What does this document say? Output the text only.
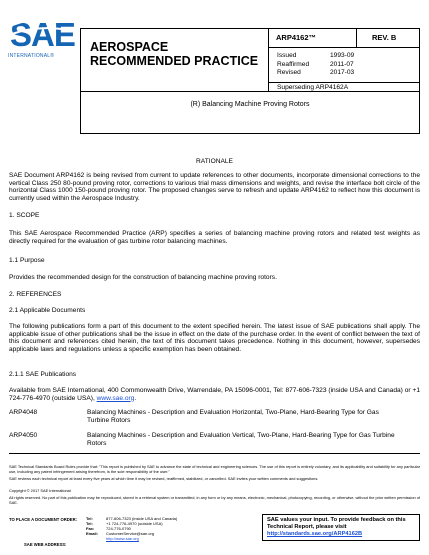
SAE
INTERNATIONAL®
AEROSPACE
RECOMMENDED PRACTICE
ARP4162™	REV. B
Issued	1993-09
Reaffirmed	2011-07
Revised	2017-03
Superseding ARP4162A
(R) Balancing Machine Proving Rotors
RATIONALE
SAE Document ARP4162 is being revised from current to update references to other documents, incorporate dimensional corrections to the vertical Class 250 80-pound proving rotor, corrections to various trial mass dimensions and weights, and revise the interface bolt circle of the horizontal Class 1000 150-pound proving rotor. The proposed changes serve to refresh and update ARP4162 to reflect how this document is currently used within the Aerospace Industry.
1. SCOPE
This SAE Aerospace Recommended Practice (ARP) specifies a series of balancing machine proving rotors and related test weights as directly required for the evaluation of gas turbine rotor balancing machines.
1.1 Purpose
Provides the recommended design for the construction of balancing machine proving rotors.
2. REFERENCES
2.1 Applicable Documents
The following publications form a part of this document to the extent specified herein. The latest issue of SAE publications shall apply. The applicable issue of other publications shall be the issue in effect on the date of the purchase order. In the event of conflict between the text of this document and references cited herein, the text of this document takes precedence. Nothing in this document, however, supersedes applicable laws and regulations unless a specific exemption has been obtained.
2.1.1 SAE Publications
Available from SAE International, 400 Commonwealth Drive, Warrendale, PA 15096-0001, Tel: 877-606-7323 (inside USA and Canada) or +1 724-776-4970 (outside USA), www.sae.org.
ARP4048	Balancing Machines - Description and Evaluation Horizontal, Two-Plane, Hard-Bearing Type for Gas
Turbine Rotors
ARP4050	Balancing Machines - Description and Evaluation Vertical, Two-Plane, Hard-Bearing Type for Gas Turbine
Rotors
SAE Technical Standards Board Rules provide that: "This report is published by SAE to advance the state of technical and engineering sciences. The use of this report is entirely voluntary, and its applicability and suitability for any particular use, including any patent infringement arising therefrom, is the sole responsibility of the user."
SAE reviews each technical report at least every five years at which time it may be revised, reaffirmed, stabilized, or cancelled. SAE invites your written comments and suggestions.
Copyright © 2017 SAE International
All rights reserved. No part of this publication may be reproduced, stored in a retrieval system or transmitted, in any form or by any means, electronic, mechanical, photocopying, recording, or otherwise, without the prior written permission of SAE.
TO PLACE A DOCUMENT ORDER: Tel:	877-606-7323 (inside USA and Canada)
Tel:	+1 724-776-4970 (outside USA)
Fax:	724-776-0790
Email:	CustomerService@sae.org
http://www.sae.org
SAE WEB ADDRESS:
SAE values your input. To provide feedback on this
Technical Report, please visit
http://standards.sae.org/ARP4162B
